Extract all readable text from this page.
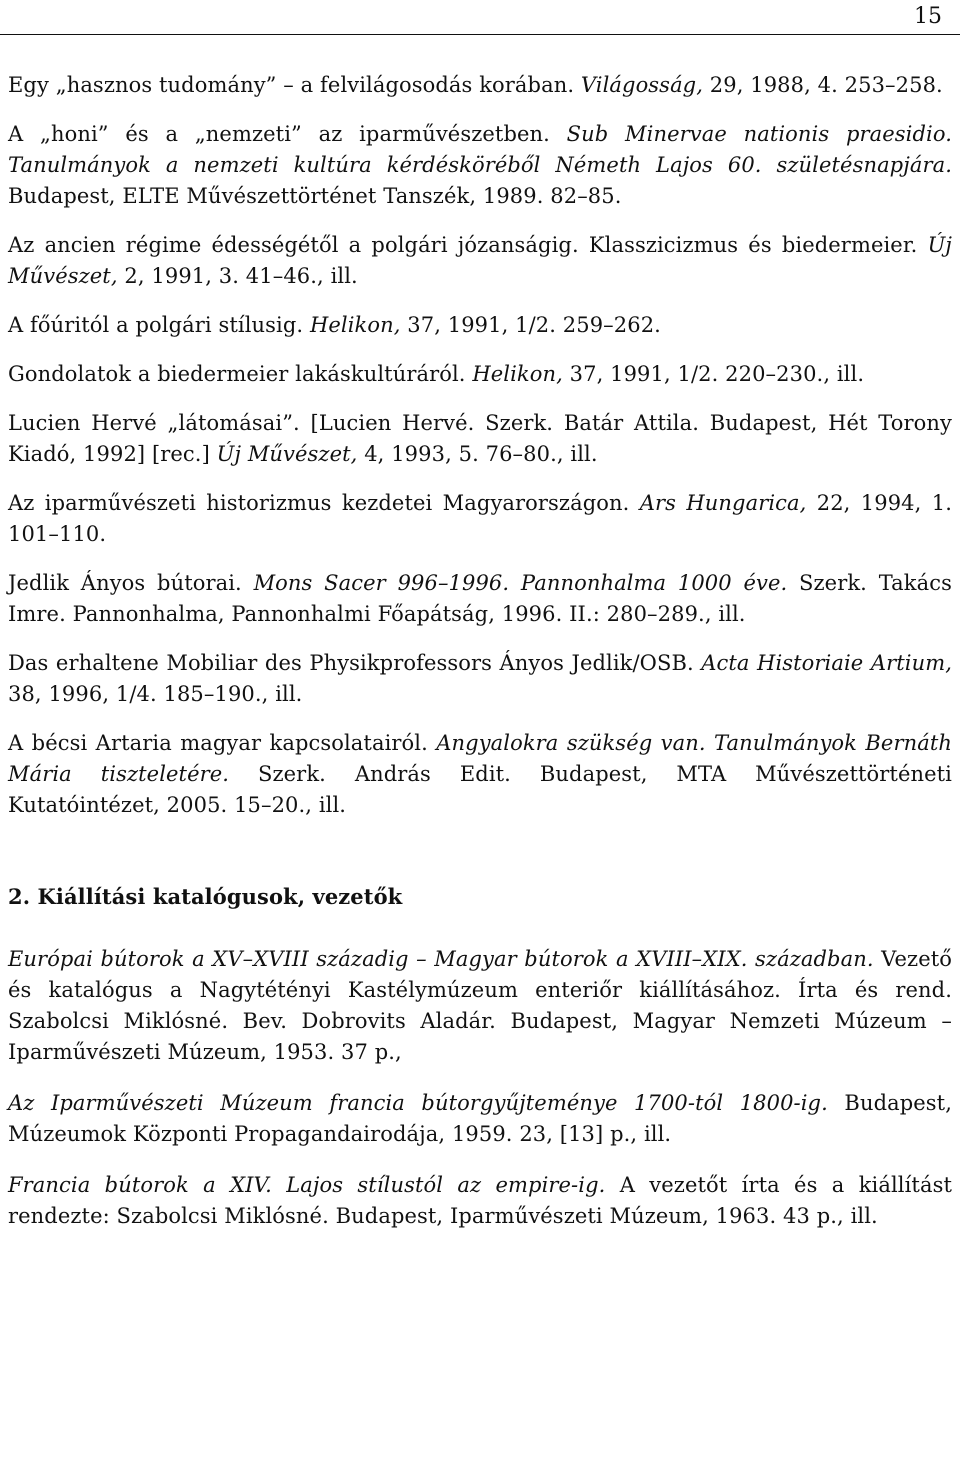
15

Egy „hasznos tudomány” – a felvilágosodás korában. Világosság, 29, 1988, 4. 253–258.

A „honi” és a „nemzeti” az iparművészetben. Sub Minervae nationis praesidio. Tanulmányok a nemzeti kultúra kérdésköréből Németh Lajos 60. születésnapjára. Budapest, ELTE Művészettörténet Tanszék, 1989. 82–85.

Az ancien régime édességétől a polgári józanságig. Klasszicizmus és biedermeier. Új Művészet, 2, 1991, 3. 41–46., ill.

A főúritól a polgári stílusig. Helikon, 37, 1991, 1/2. 259–262.

Gondolatok a biedermeier lakáskultúráról. Helikon, 37, 1991, 1/2. 220–230., ill.

Lucien Hervé „látomásai”. [Lucien Hervé. Szerk. Batár Attila. Budapest, Hét Torony Kiadó, 1992] [rec.] Új Művészet, 4, 1993, 5. 76–80., ill.

Az iparművészeti historizmus kezdetei Magyarországon. Ars Hungarica, 22, 1994, 1. 101–110.

Jedlik Ányos bútorai. Mons Sacer 996–1996. Pannonhalma 1000 éve. Szerk. Takács Imre. Pannonhalma, Pannonhalmi Főapátság, 1996. II.: 280–289., ill.

Das erhaltene Mobiliar des Physikprofessors Ányos Jedlik/OSB. Acta Historiaie Artium, 38, 1996, 1/4. 185–190., ill.

A bécsi Artaria magyar kapcsolatairól. Angyalokra szükség van. Tanulmányok Bernáth Mária tiszteletére. Szerk. András Edit. Budapest, MTA Művészettörténeti Kutatóintézet, 2005. 15–20., ill.

2. Kiállítási katalógusok, vezetők

Európai bútorok a XV–XVIII századig – Magyar bútorok a XVIII–XIX. században. Vezető és katalógus a Nagytétényi Kastélymúzeum enteriőr kiállításához. Írta és rend. Szabolcsi Miklósné. Bev. Dobrovits Aladár. Budapest, Magyar Nemzeti Múzeum – Iparművészeti Múzeum, 1953. 37 p.,

Az Iparművészeti Múzeum francia bútorgyűjteménye 1700-tól 1800-ig. Budapest, Múzeumok Központi Propagandairodája, 1959. 23, [13] p., ill.

Francia bútorok a XIV. Lajos stílustól az empire-ig. A vezetőt írta és a kiállítást rendezte: Szabolcsi Miklósné. Budapest, Iparművészeti Múzeum, 1963. 43 p., ill.
